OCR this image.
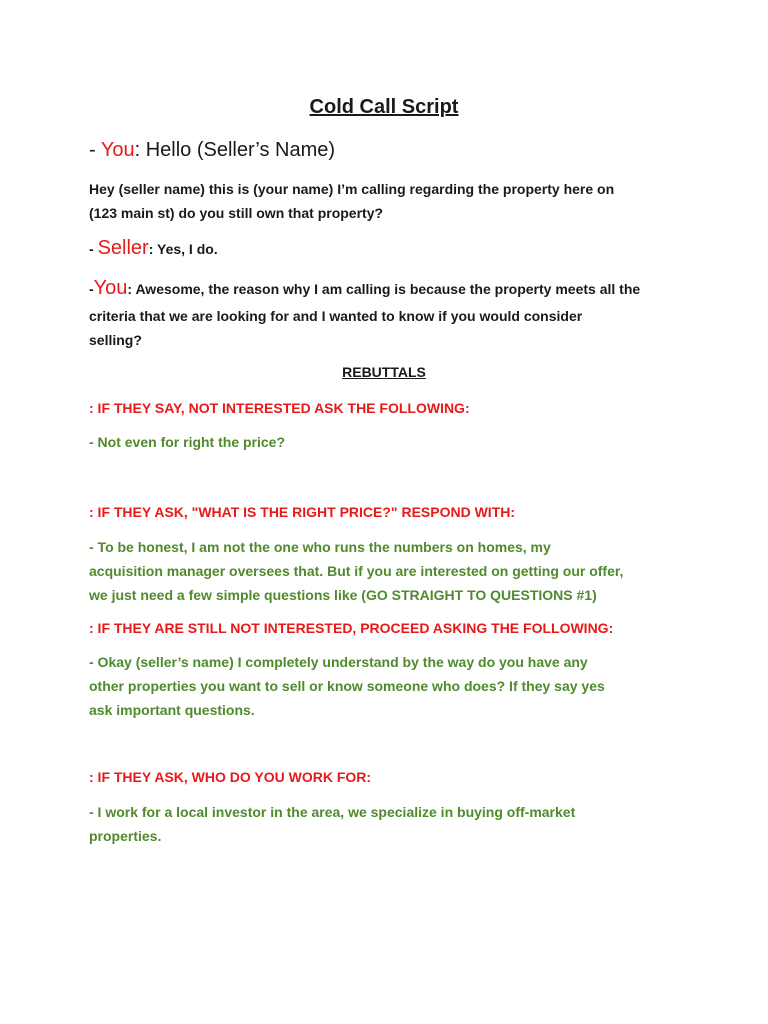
Cold Call Script
- You: Hello (Seller’s Name)
Hey (seller name) this is (your name) I’m calling regarding the property here on
(123 main st) do you still own that property?
- Seller: Yes, I do.
-You: Awesome, the reason why I am calling is because the property meets all the
criteria that we are looking for and I wanted to know if you would consider
selling?
REBUTTALS
: IF THEY SAY, NOT INTERESTED ASK THE FOLLOWING:
- Not even for right the price?
: IF THEY ASK, "WHAT IS THE RIGHT PRICE?" RESPOND WITH:
- To be honest, I am not the one who runs the numbers on homes, my
acquisition manager oversees that. But if you are interested on getting our offer,
we just need a few simple questions like (GO STRAIGHT TO QUESTIONS #1)
: IF THEY ARE STILL NOT INTERESTED, PROCEED ASKING THE FOLLOWING:
- Okay (seller’s name) I completely understand by the way do you have any
other properties you want to sell or know someone who does? If they say yes
ask important questions.
: IF THEY ASK, WHO DO YOU WORK FOR:
- I work for a local investor in the area, we specialize in buying off-market
properties.
